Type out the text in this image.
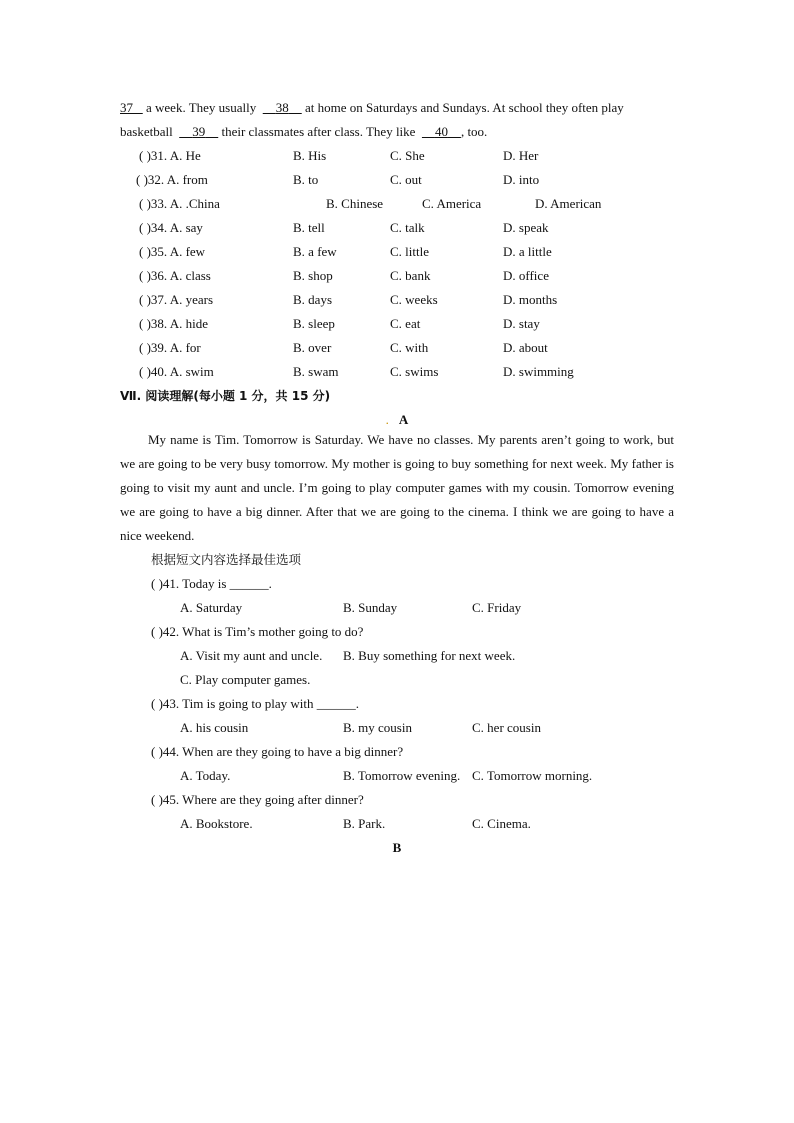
37    a week. They usually 38     at home on Saturdays and Sundays. At school they often play
basketball 39     their classmates after class. They like 40 , too.
( )31. A. He	B. His	C. She	D. Her
( )32. A. from	B. to	C. out	D. into
( )33. A. .China	B. Chinese	C. America	D. American
( )34. A. say	B. tell	C. talk	D. speak
( )35. A. few	B. a few	C. little	D. a little
( )36. A. class	B. shop	C. bank	D. office
( )37. A. years	B. days	C. weeks	D. months
( )38. A. hide	B. sleep	C. eat	D. stay
( )39. A. for	B. over	C. with	D. about
( )40. A. swim	B. swam	C. swims	D. swimming
Ⅶ. 阅读理解(每小题 1 分，共 15 分)
. A

My name is Tim. Tomorrow is Saturday. We have no classes. My parents aren’t going to work, but we are going to be very busy tomorrow. My mother is going to buy something for next week. My father is going to visit my aunt and uncle. I’m going to play computer games with my cousin. Tomorrow evening we are going to have a big dinner. After that we are going to the cinema. I think we are going to have a nice weekend.

根据短文内容选择最佳选项
( )41. Today is ______.
A. Saturday	B. Sunday	C. Friday
( )42. What is Tim’s mother going to do?
A. Visit my aunt and uncle. B. Buy something for next week.
C. Play computer games.
( )43. Tim is going to play with ______.
A. his cousin	B. my cousin	C. her cousin
( )44. When are they going to have a big dinner?
A. Today.	B. Tomorrow evening. C. Tomorrow morning.
( )45. Where are they going after dinner?
A. Bookstore.	B. Park.	C. Cinema.
B
